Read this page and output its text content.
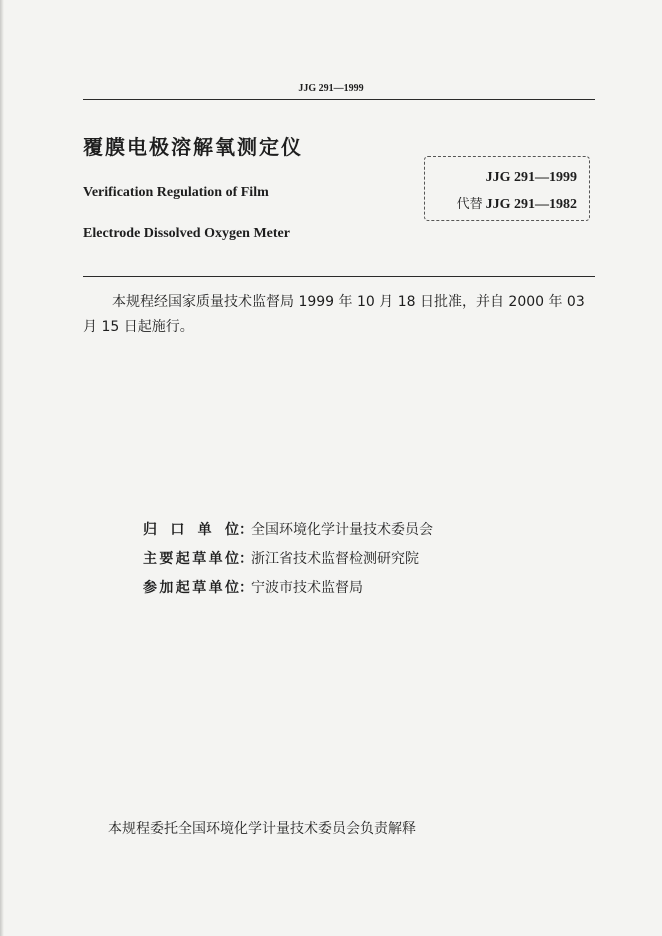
JJG 291—1999
覆膜电极溶解氧测定仪
Verification Regulation of Film
Electrode Dissolved Oxygen Meter
JJG 291—1999
代替 JJG 291—1982
本规程经国家质量技术监督局 1999 年 10 月 18 日批准，并自 2000 年 03 月 15 日起施行。
归口单位：全国环境化学计量技术委员会
主要起草单位：浙江省技术监督检测研究院
参加起草单位：宁波市技术监督局
本规程委托全国环境化学计量技术委员会负责解释
